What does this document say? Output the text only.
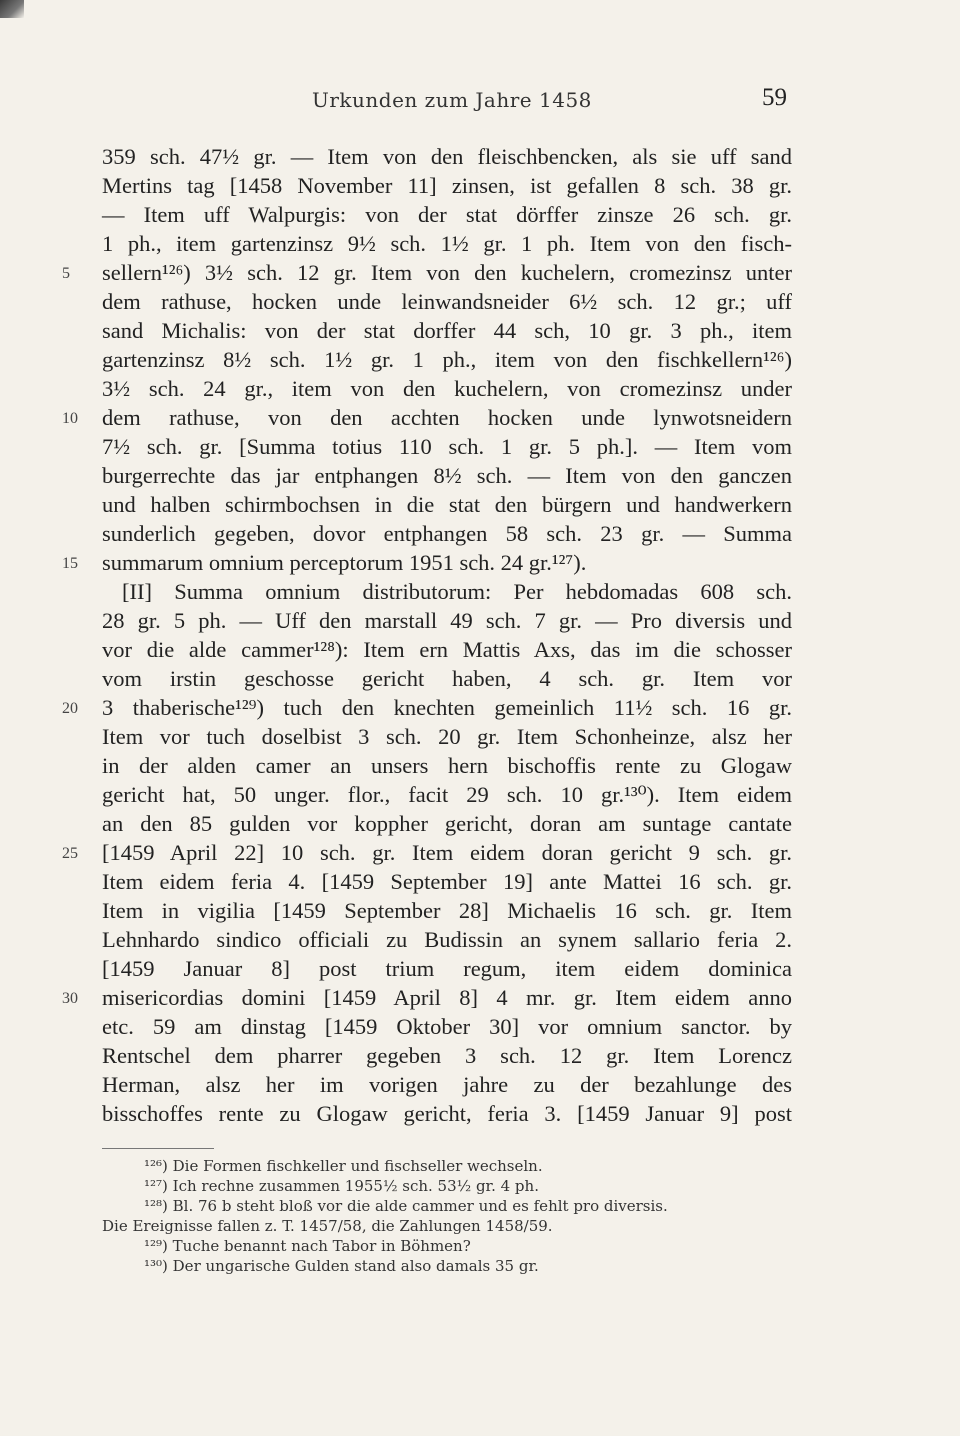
Urkunden zum Jahre 1458	59
359 sch. 47½ gr. — Item von den fleischbencken, als sie uff sand
Mertins tag [1458 November 11] zinsen, ist gefallen 8 sch. 38 gr.
— Item uff Walpurgis: von der stat dörffer zinsze 26 sch. gr.
1 ph., item gartenzinsz 9½ sch. 1½ gr. 1 ph. Item von den fisch-
5	sellern¹²⁶) 3½ sch. 12 gr. Item von den kuchelern, cromezinsz unter
dem rathuse, hocken unde leinwandsneider 6½ sch. 12 gr.; uff
sand Michalis: von der stat dorffer 44 sch, 10 gr. 3 ph., item
gartenzinsz 8½ sch. 1½ gr. 1 ph., item von den fischkellern¹²⁶)
3½ sch. 24 gr., item von den kuchelern, von cromezinsz under
10	dem rathuse, von den acchten hocken unde lynwotsneidern
7½ sch. gr. [Summa totius 110 sch. 1 gr. 5 ph.]. — Item vom
burgerrechte das jar entphangen 8½ sch. — Item von den ganczen
und halben schirmbochsen in die stat den bürgern und handwerkern
sunderlich gegeben, dovor entphangen 58 sch. 23 gr. — Summa
15	summarum omnium perceptorum 1951 sch. 24 gr.¹²⁷).
[II] Summa omnium distributorum: Per hebdomadas 608 sch.
28 gr. 5 ph. — Uff den marstall 49 sch. 7 gr. — Pro diversis und
vor die alde cammer¹²⁸): Item ern Mattis Axs, das im die schosser
vom irstin geschosse gericht haben, 4 sch. gr. Item vor
20	3 thaberische¹²⁹) tuch den knechten gemeinlich 11½ sch. 16 gr.
Item vor tuch doselbist 3 sch. 20 gr. Item Schonheinze, alsz her
in der alden camer an unsers hern bischoffis rente zu Glogaw
gericht hat, 50 unger. flor., facit 29 sch. 10 gr.¹³⁰). Item eidem
an den 85 gulden vor koppher gericht, doran am suntage cantate
25	[1459 April 22] 10 sch. gr. Item eidem doran gericht 9 sch. gr.
Item eidem feria 4. [1459 September 19] ante Mattei 16 sch. gr.
Item in vigilia [1459 September 28] Michaelis 16 sch. gr. Item
Lehnhardo sindico officiali zu Budissin an synem sallario feria 2.
[1459 Januar 8] post trium regum, item eidem dominica
30	misericordias domini [1459 April 8] 4 mr. gr. Item eidem anno
etc. 59 am dinstag [1459 Oktober 30] vor omnium sanctor. by
Rentschel dem pharrer gegeben 3 sch. 12 gr. Item Lorencz
Herman, alsz her im vorigen jahre zu der bezahlunge des
bisschoffes rente zu Glogaw gericht, feria 3. [1459 Januar 9] post
¹²⁶) Die Formen fischkeller und fischseller wechseln.
¹²⁷) Ich rechne zusammen 1955½ sch. 53½ gr. 4 ph.
¹²⁸) Bl. 76 b steht bloß vor die alde cammer und es fehlt pro diversis.
Die Ereignisse fallen z. T. 1457/58, die Zahlungen 1458/59.
¹²⁹) Tuche benannt nach Tabor in Böhmen?
¹³⁰) Der ungarische Gulden stand also damals 35 gr.
